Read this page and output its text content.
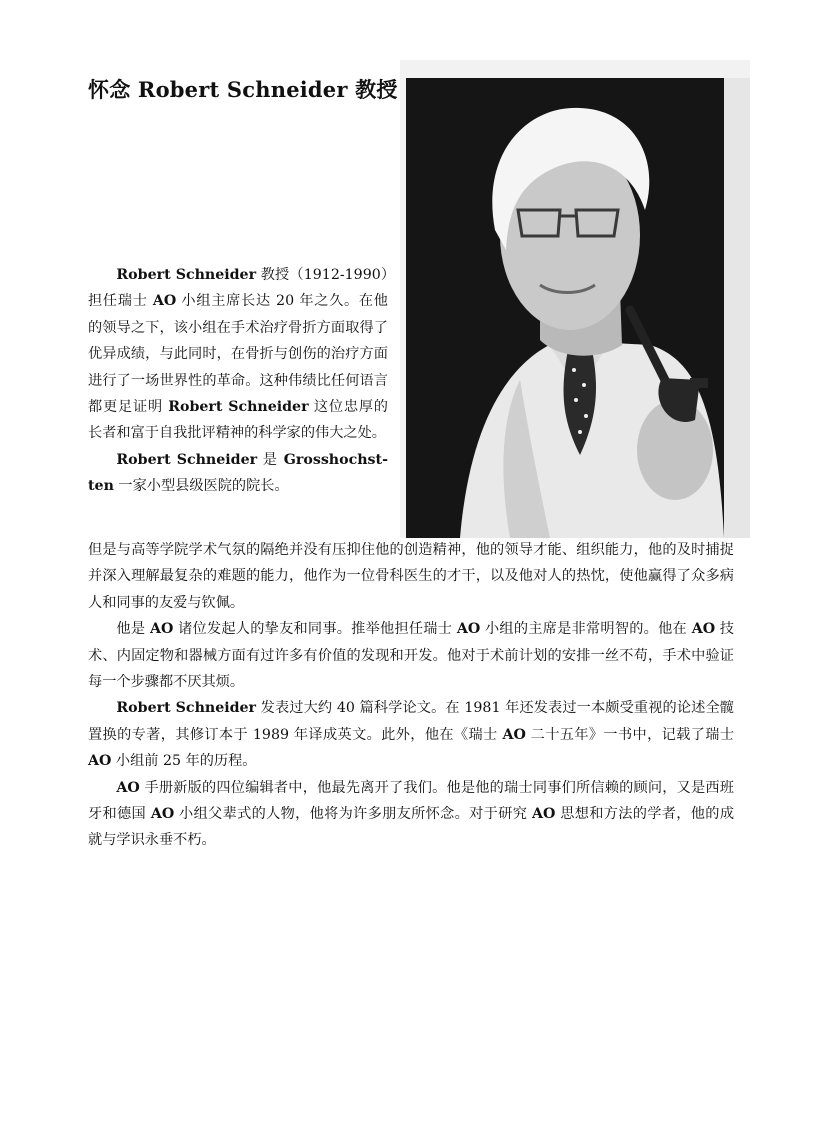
怀念 Robert Schneider 教授

Robert Schneider 教授（1912-1990）担任瑞士 AO 小组主席长达 20 年之久。在他的领导之下，该小组在手术治疗骨折方面取得了优异成绩，与此同时，在骨折与创伤的治疗方面进行了一场世界性的革命。这种伟绩比任何语言都更足证明 Robert Schneider 这位忠厚的长者和富于自我批评精神的科学家的伟大之处。

Robert Schneider 是 Grosshochst-ten 一家小型县级医院的院长。

但是与高等学院学术气氛的隔绝并没有压抑住他的创造精神，他的领导才能、组织能力，他的及时捕捉并深入理解最复杂的难题的能力，他作为一位骨科医生的才干，以及他对人的热忱，使他赢得了众多病人和同事的友爱与钦佩。

他是 AO 诸位发起人的挚友和同事。推举他担任瑞士 AO 小组的主席是非常明智的。他在 AO 技术、内固定物和器械方面有过许多有价值的发现和开发。他对于术前计划的安排一丝不苟，手术中验证每一个步骤都不厌其烦。

Robert Schneider 发表过大约 40 篇科学论文。在 1981 年还发表过一本颇受重视的论述全髋置换的专著，其修订本于 1989 年译成英文。此外，他在《瑞士 AO 二十五年》一书中，记载了瑞士 AO 小组前 25 年的历程。

AO 手册新版的四位编辑者中，他最先离开了我们。他是他的瑞士同事们所信赖的顾问，又是西班牙和德国 AO 小组父辈式的人物，他将为许多朋友所怀念。对于研究 AO 思想和方法的学者，他的成就与学识永垂不朽。
